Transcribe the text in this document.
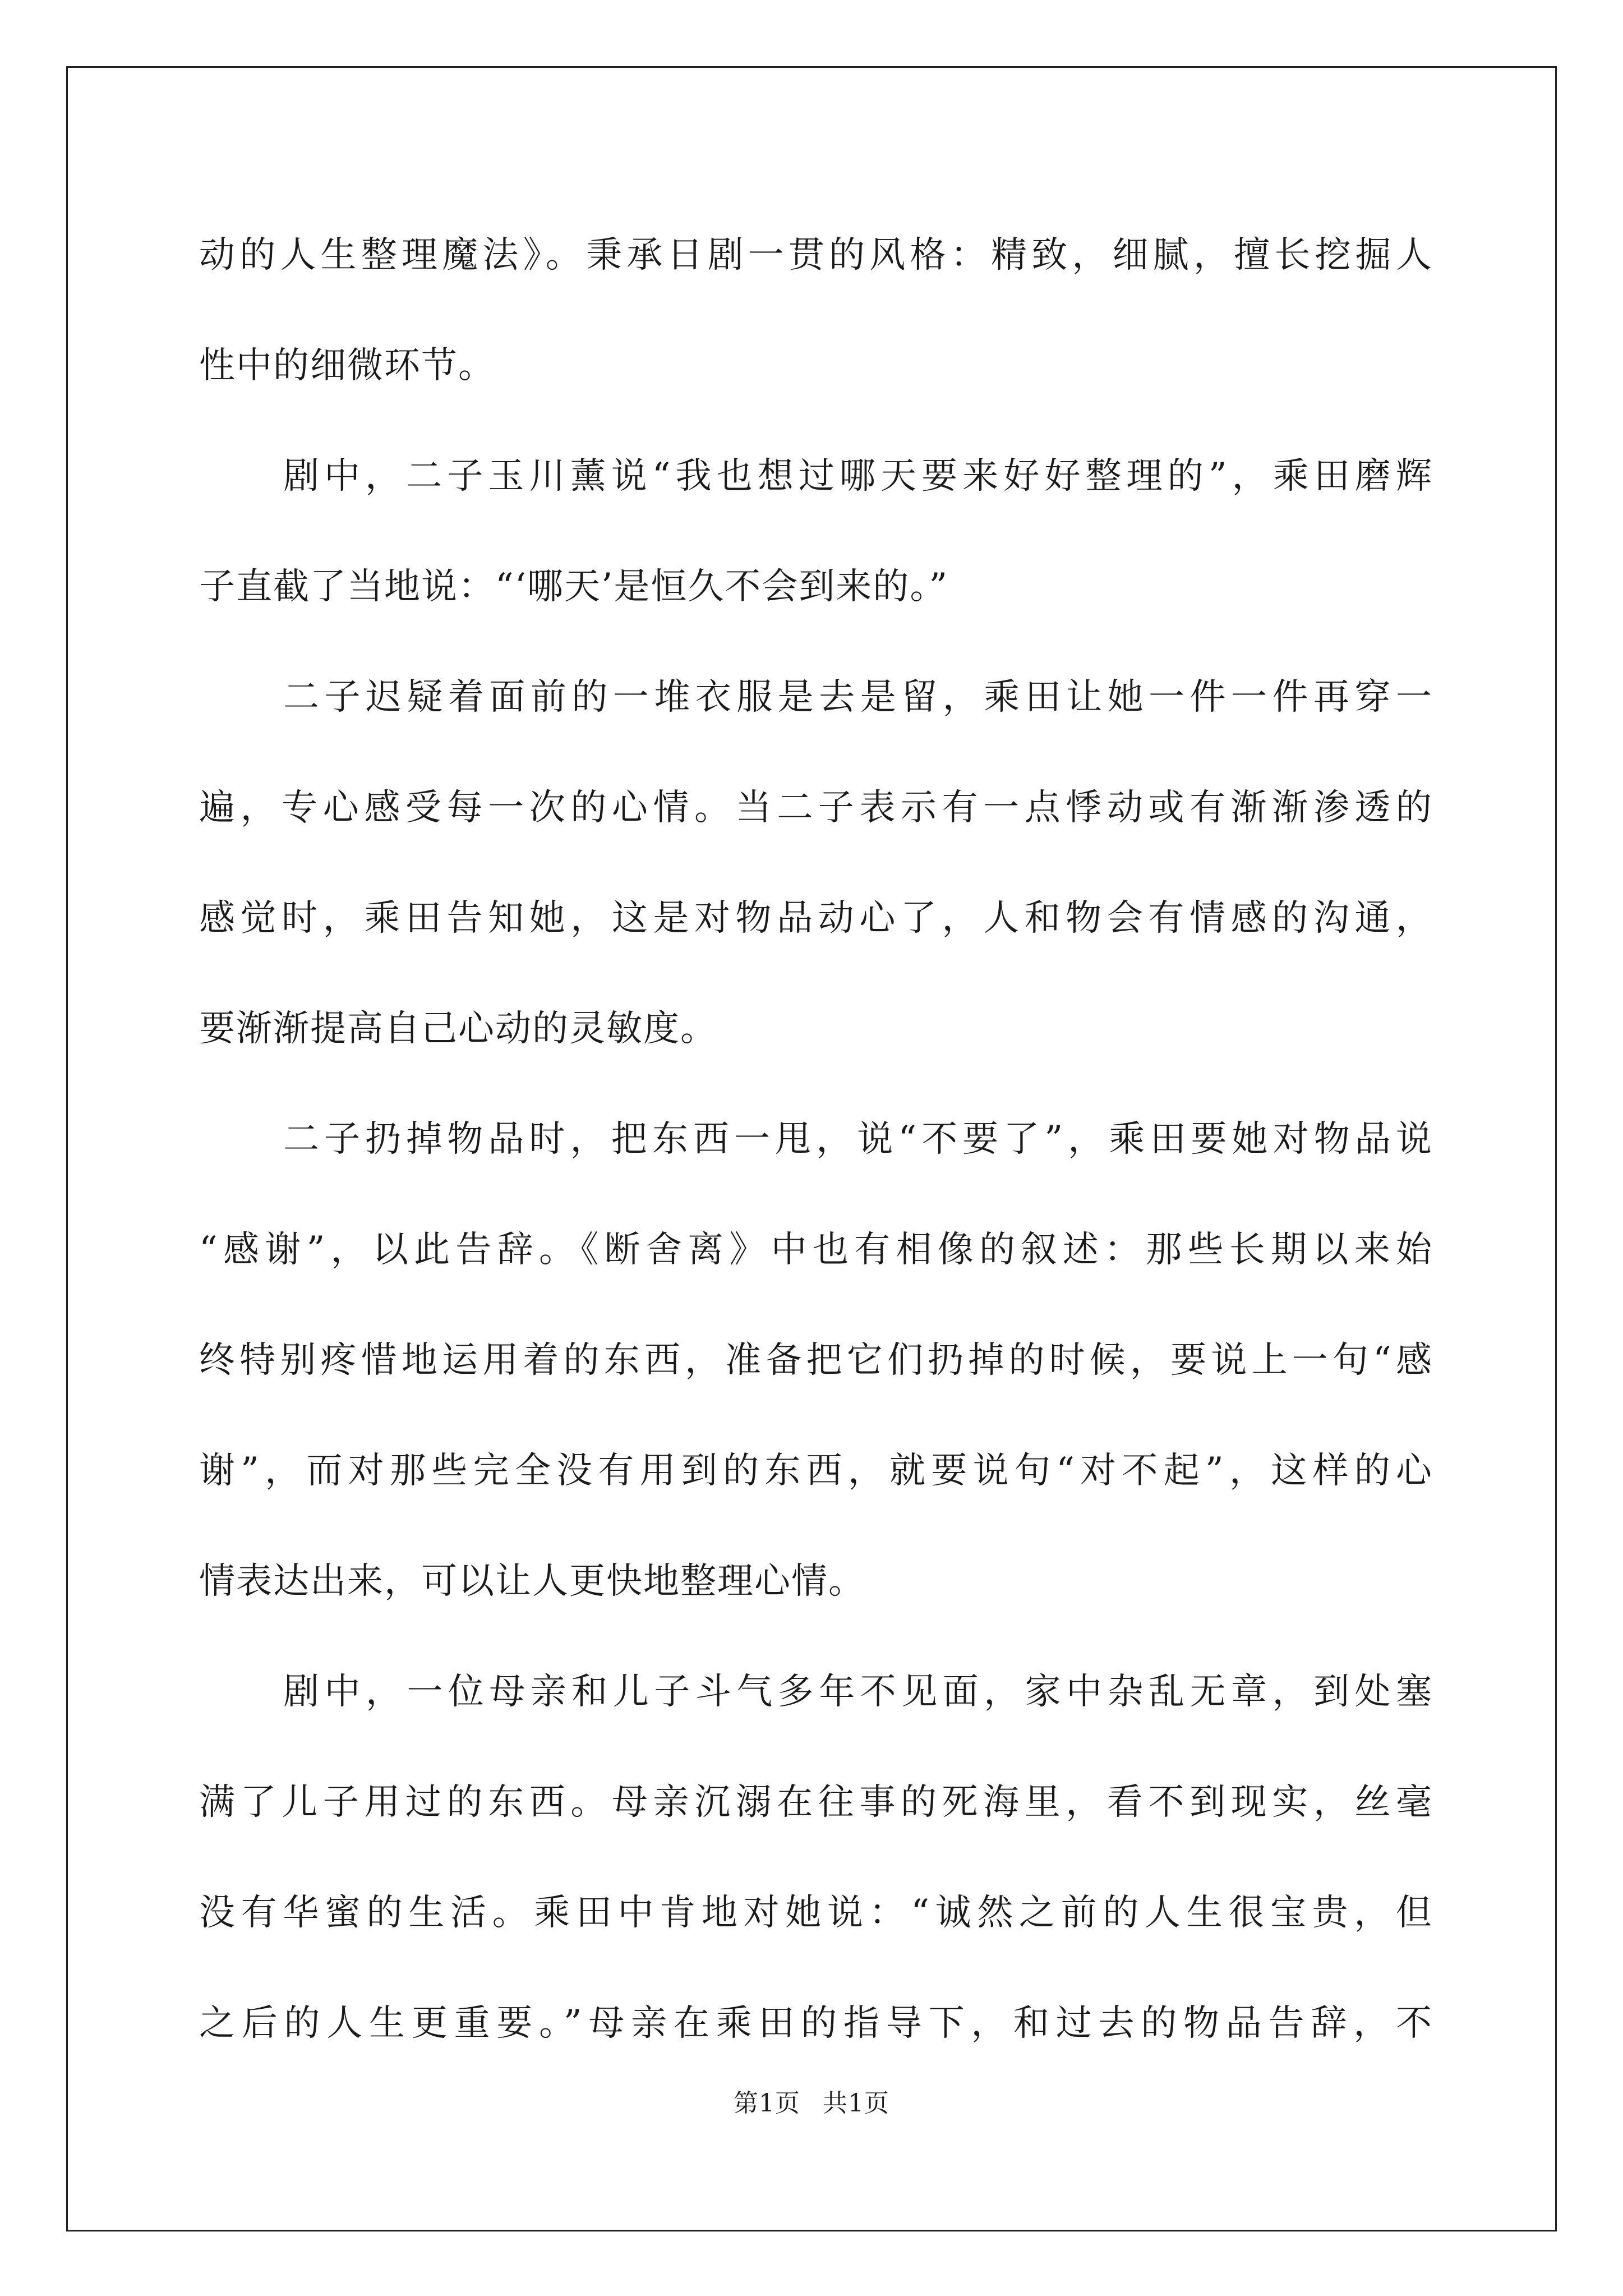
动的人生整理魔法》。秉承日剧一贯的风格：精致，细腻，擅长挖掘人
性中的细微环节。
剧中，二子玉川薰说“我也想过哪天要来好好整理的”，乘田磨辉
子直截了当地说：“‘哪天’是恒久不会到来的。”
二子迟疑着面前的一堆衣服是去是留，乘田让她一件一件再穿一
遍，专心感受每一次的心情。当二子表示有一点悸动或有渐渐渗透的
感觉时，乘田告知她，这是对物品动心了，人和物会有情感的沟通，
要渐渐提高自己心动的灵敏度。
二子扔掉物品时，把东西一甩，说“不要了”，乘田要她对物品说
“感谢”，以此告辞。《断舍离》中也有相像的叙述：那些长期以来始
终特别疼惜地运用着的东西，准备把它们扔掉的时候，要说上一句“感
谢”，而对那些完全没有用到的东西，就要说句“对不起”，这样的心
情表达出来，可以让人更快地整理心情。
剧中，一位母亲和儿子斗气多年不见面，家中杂乱无章，到处塞
满了儿子用过的东西。母亲沉溺在往事的死海里，看不到现实，丝毫
没有华蜜的生活。乘田中肯地对她说：“诚然之前的人生很宝贵，但
之后的人生更重要。”母亲在乘田的指导下，和过去的物品告辞，不
第1页 共1页
